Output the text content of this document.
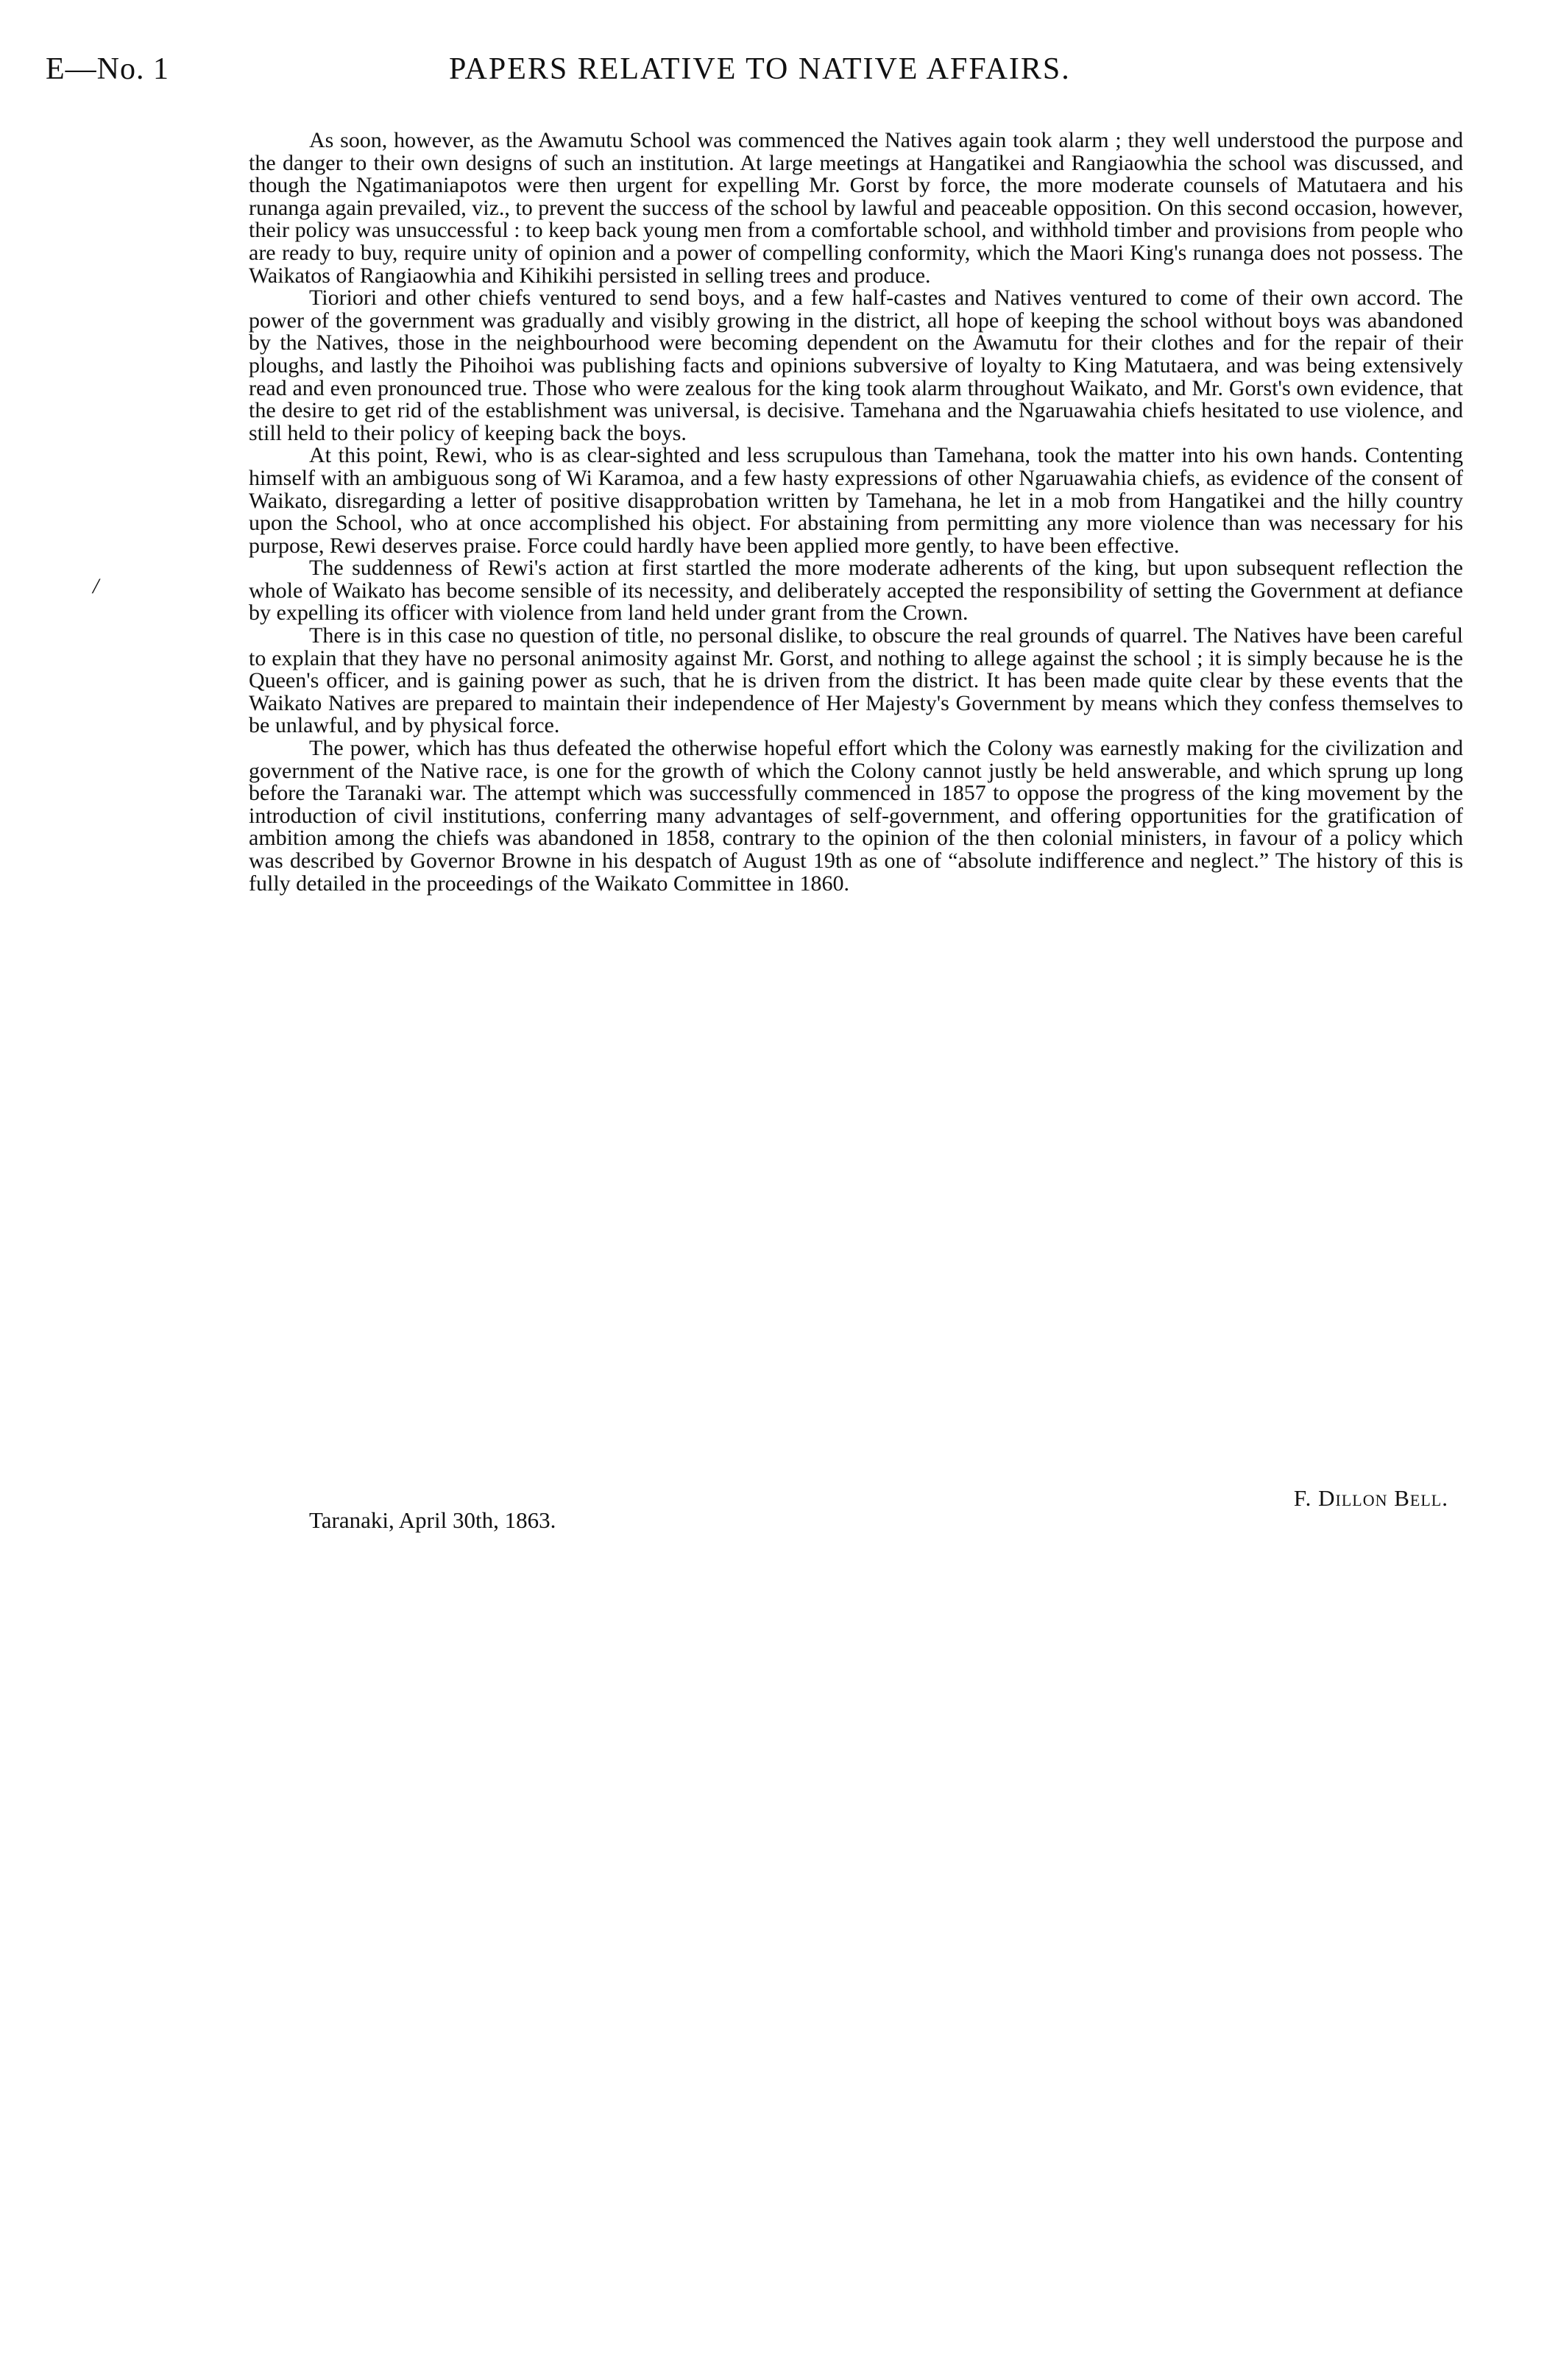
E—No. 1	PAPERS RELATIVE TO NATIVE AFFAIRS.
/

As soon, however, as the Awamutu School was commenced the Natives again took alarm ; they well understood the purpose and the danger to their own designs of such an institution. At large meetings at Hangatikei and Rangiaowhia the school was discussed, and though the Ngatimaniapotos were then urgent for expelling Mr. Gorst by force, the more moderate counsels of Matutaera and his runanga again prevailed, viz., to prevent the success of the school by lawful and peaceable opposition. On this second occasion, however, their policy was unsuccessful : to keep back young men from a comfortable school, and withhold timber and provisions from people who are ready to buy, require unity of opinion and a power of compelling conformity, which the Maori King's runanga does not possess. The Waikatos of Rangiaowhia and Kihikihi persisted in selling trees and produce.

Tioriori and other chiefs ventured to send boys, and a few half-castes and Natives ventured to come of their own accord. The power of the government was gradually and visibly growing in the district, all hope of keeping the school without boys was abandoned by the Natives, those in the neighbourhood were becoming dependent on the Awamutu for their clothes and for the repair of their ploughs, and lastly the Pihoihoi was publishing facts and opinions subversive of loyalty to King Matutaera, and was being extensively read and even pronounced true. Those who were zealous for the king took alarm throughout Waikato, and Mr. Gorst's own evidence, that the desire to get rid of the establishment was universal, is decisive. Tamehana and the Ngaruawahia chiefs hesitated to use violence, and still held to their policy of keeping back the boys.

At this point, Rewi, who is as clear-sighted and less scrupulous than Tamehana, took the matter into his own hands. Contenting himself with an ambiguous song of Wi Karamoa, and a few hasty expressions of other Ngaruawahia chiefs, as evidence of the consent of Waikato, disregarding a letter of positive disapprobation written by Tamehana, he let in a mob from Hangatikei and the hilly country upon the School, who at once accomplished his object. For abstaining from permitting any more violence than was necessary for his purpose, Rewi deserves praise. Force could hardly have been applied more gently, to have been effective.

The suddenness of Rewi's action at first startled the more moderate adherents of the king, but upon subsequent reflection the whole of Waikato has become sensible of its necessity, and deliberately accepted the responsibility of setting the Government at defiance by expelling its officer with violence from land held under grant from the Crown.

There is in this case no question of title, no personal dislike, to obscure the real grounds of quarrel. The Natives have been careful to explain that they have no personal animosity against Mr. Gorst, and nothing to allege against the school ; it is simply because he is the Queen's officer, and is gaining power as such, that he is driven from the district. It has been made quite clear by these events that the Waikato Natives are prepared to maintain their independence of Her Majesty's Government by means which they confess themselves to be unlawful, and by physical force.

The power, which has thus defeated the otherwise hopeful effort which the Colony was earnestly making for the civilization and government of the Native race, is one for the growth of which the Colony cannot justly be held answerable, and which sprung up long before the Taranaki war. The attempt which was successfully commenced in 1857 to oppose the progress of the king movement by the introduction of civil institutions, conferring many advantages of self-government, and offering opportunities for the gratification of ambition among the chiefs was abandoned in 1858, contrary to the opinion of the then colonial ministers, in favour of a policy which was described by Governor Browne in his despatch of August 19th as one of “absolute indifference and neglect.” The history of this is fully detailed in the proceedings of the Waikato Committee in 1860.

F. Dillon Bell.
Taranaki, April 30th, 1863.
